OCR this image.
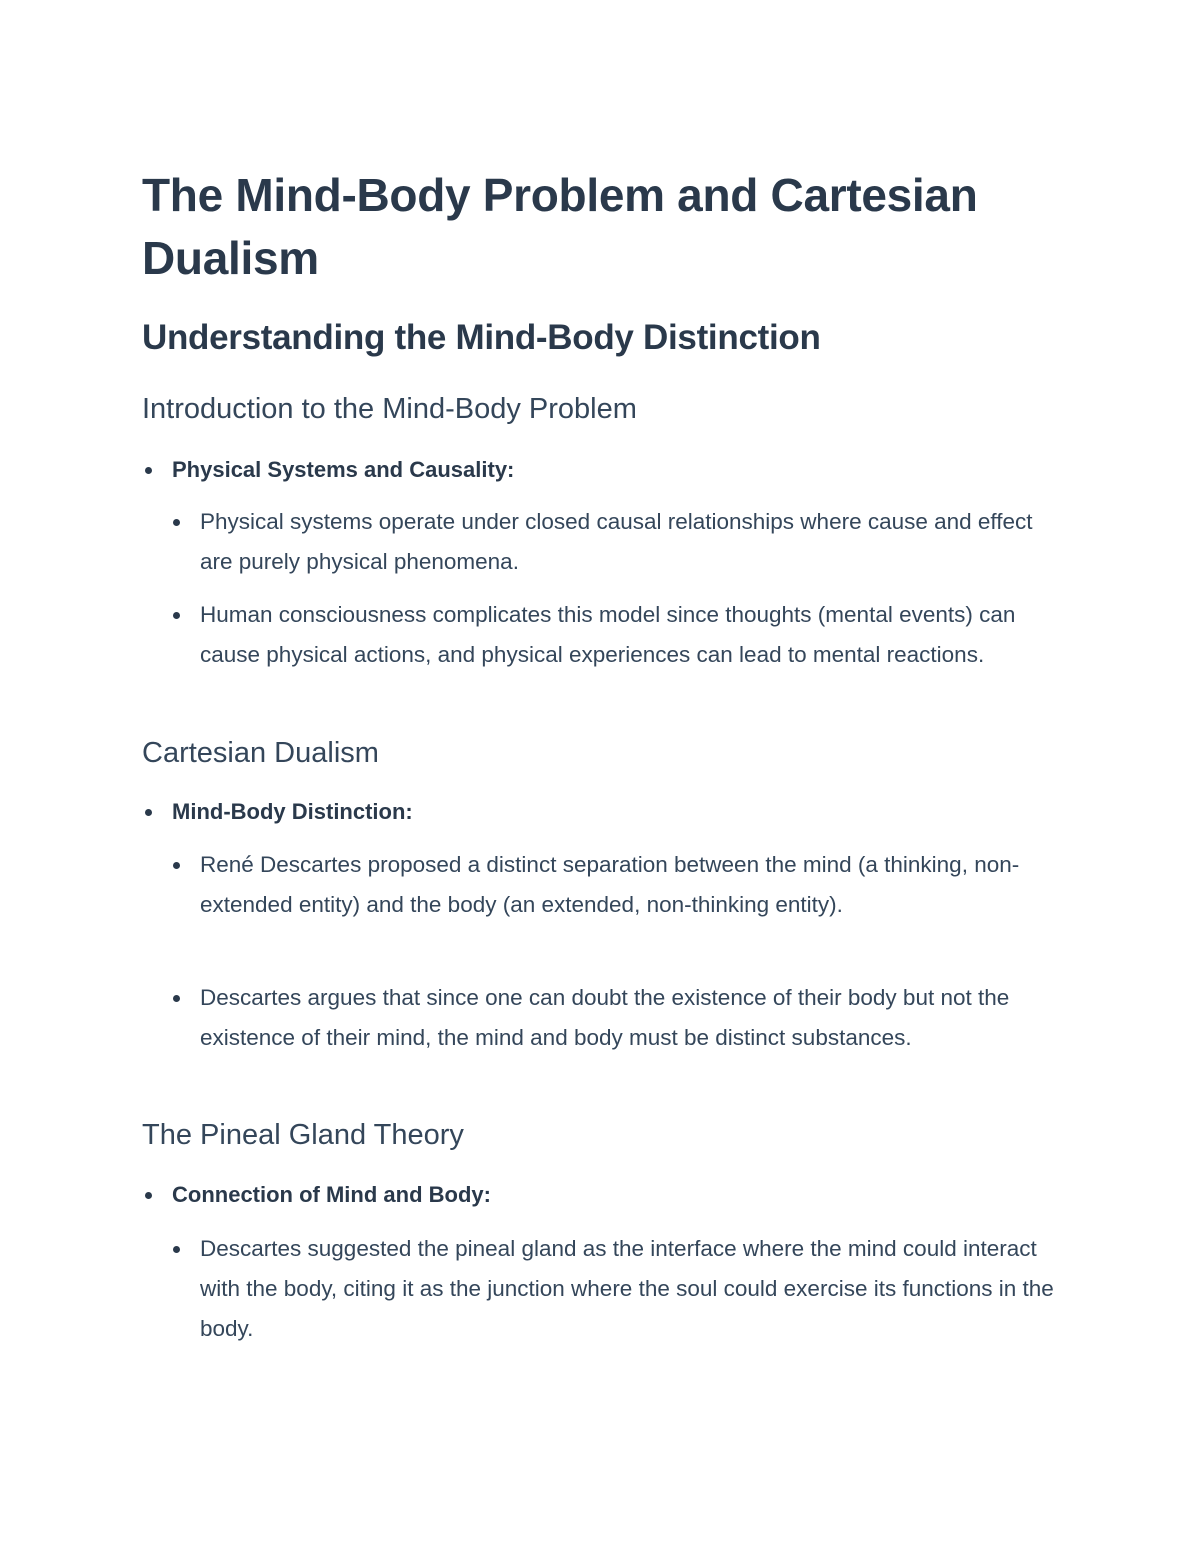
The Mind-Body Problem and Cartesian Dualism
Understanding the Mind-Body Distinction
Introduction to the Mind-Body Problem
Physical Systems and Causality:
Physical systems operate under closed causal relationships where cause and effect are purely physical phenomena.
Human consciousness complicates this model since thoughts (mental events) can cause physical actions, and physical experiences can lead to mental reactions.
Cartesian Dualism
Mind-Body Distinction:
René Descartes proposed a distinct separation between the mind (a thinking, non-extended entity) and the body (an extended, non-thinking entity).
Descartes argues that since one can doubt the existence of their body but not the existence of their mind, the mind and body must be distinct substances.
The Pineal Gland Theory
Connection of Mind and Body:
Descartes suggested the pineal gland as the interface where the mind could interact with the body, citing it as the junction where the soul could exercise its functions in the body.
